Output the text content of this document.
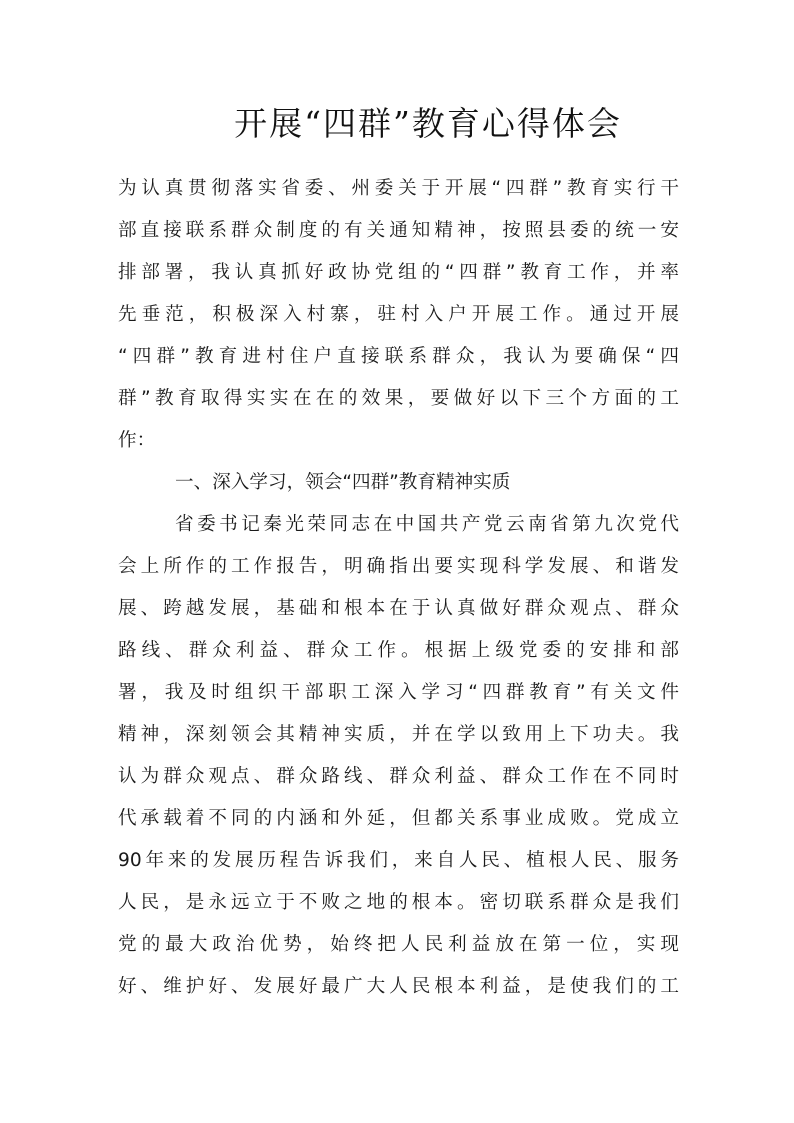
开展“四群”教育心得体会

为认真贯彻落实省委、州委关于开展“四群”教育实行干

部直接联系群众制度的有关通知精神，按照县委的统一安

排部署，我认真抓好政协党组的“四群”教育工作，并率

先垂范，积极深入村寨，驻村入户开展工作。通过开展

“四群”教育进村住户直接联系群众，我认为要确保“四

群”教育取得实实在在的效果，要做好以下三个方面的工

作：

一、深入学习，领会“四群”教育精神实质

省委书记秦光荣同志在中国共产党云南省第九次党代

会上所作的工作报告，明确指出要实现科学发展、和谐发

展、跨越发展，基础和根本在于认真做好群众观点、群众

路线、群众利益、群众工作。根据上级党委的安排和部

署，我及时组织干部职工深入学习“四群教育”有关文件

精神，深刻领会其精神实质，并在学以致用上下功夫。我

认为群众观点、群众路线、群众利益、群众工作在不同时

代承载着不同的内涵和外延，但都关系事业成败。党成立

90年来的发展历程告诉我们，来自人民、植根人民、服务

人民，是永远立于不败之地的根本。密切联系群众是我们

党的最大政治优势，始终把人民利益放在第一位，实现

好、维护好、发展好最广大人民根本利益，是使我们的工
